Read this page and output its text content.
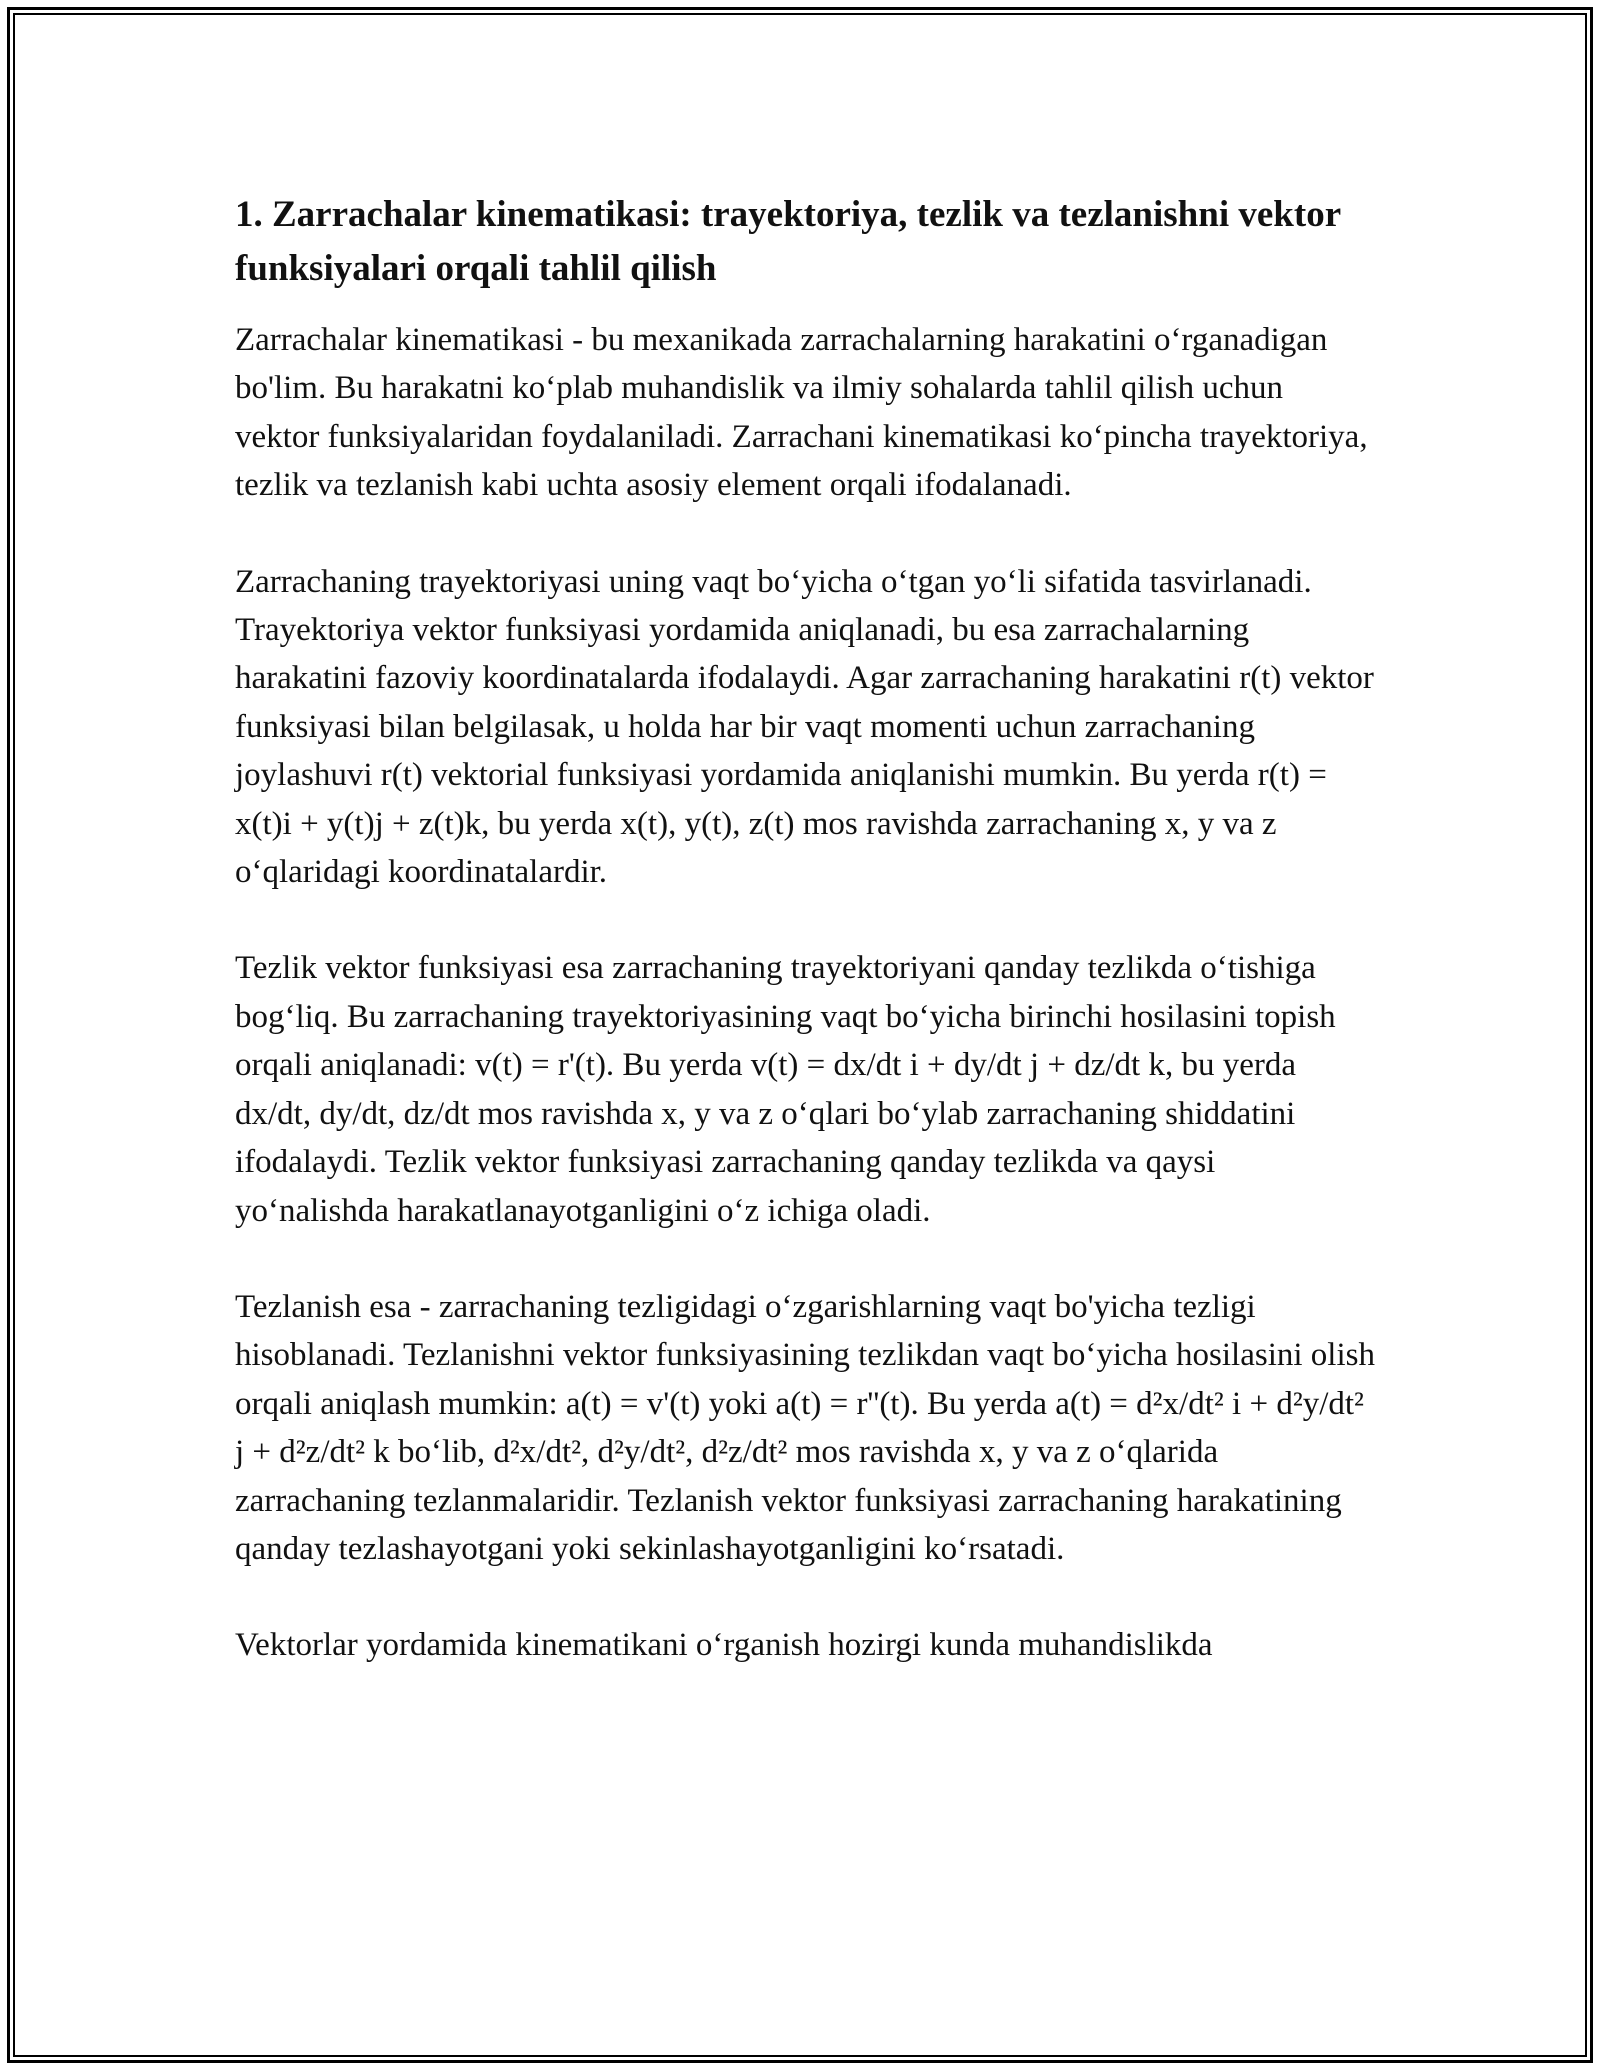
1. Zarrachalar kinematikasi: trayektoriya, tezlik va tezlanishni vektor funksiyalari orqali tahlil qilish

Zarrachalar kinematikasi - bu mexanikada zarrachalarning harakatini o‘rganadigan bo'lim. Bu harakatni ko‘plab muhandislik va ilmiy sohalarda tahlil qilish uchun vektor funksiyalaridan foydalaniladi. Zarrachani kinematikasi ko‘pincha trayektoriya, tezlik va tezlanish kabi uchta asosiy element orqali ifodalanadi.

Zarrachaning trayektoriyasi uning vaqt bo‘yicha o‘tgan yo‘li sifatida tasvirlanadi. Trayektoriya vektor funksiyasi yordamida aniqlanadi, bu esa zarrachalarning harakatini fazoviy koordinatalarda ifodalaydi. Agar zarrachaning harakatini r(t) vektor funksiyasi bilan belgilasak, u holda har bir vaqt momenti uchun zarrachaning joylashuvi r(t) vektorial funksiyasi yordamida aniqlanishi mumkin. Bu yerda r(t) = x(t)i + y(t)j + z(t)k, bu yerda x(t), y(t), z(t) mos ravishda zarrachaning x, y va z o‘qlaridagi koordinatalardir.

Tezlik vektor funksiyasi esa zarrachaning trayektoriyani qanday tezlikda o‘tishiga bog‘liq. Bu zarrachaning trayektoriyasining vaqt bo‘yicha birinchi hosilasini topish orqali aniqlanadi: v(t) = r'(t). Bu yerda v(t) = dx/dt i + dy/dt j + dz/dt k, bu yerda dx/dt, dy/dt, dz/dt mos ravishda x, y va z o‘qlari bo‘ylab zarrachaning shiddatini ifodalaydi. Tezlik vektor funksiyasi zarrachaning qanday tezlikda va qaysi yo‘nalishda harakatlanayotganligini o‘z ichiga oladi.

Tezlanish esa - zarrachaning tezligidagi o‘zgarishlarning vaqt bo'yicha tezligi hisoblanadi. Tezlanishni vektor funksiyasining tezlikdan vaqt bo‘yicha hosilasini olish orqali aniqlash mumkin: a(t) = v'(t) yoki a(t) = r''(t). Bu yerda a(t) = d²x/dt² i + d²y/dt² j + d²z/dt² k bo‘lib, d²x/dt², d²y/dt², d²z/dt² mos ravishda x, y va z o‘qlarida zarrachaning tezlanmalaridir. Tezlanish vektor funksiyasi zarrachaning harakatining qanday tezlashayotgani yoki sekinlashayotganligini ko‘rsatadi.

Vektorlar yordamida kinematikani o‘rganish hozirgi kunda muhandislikda
